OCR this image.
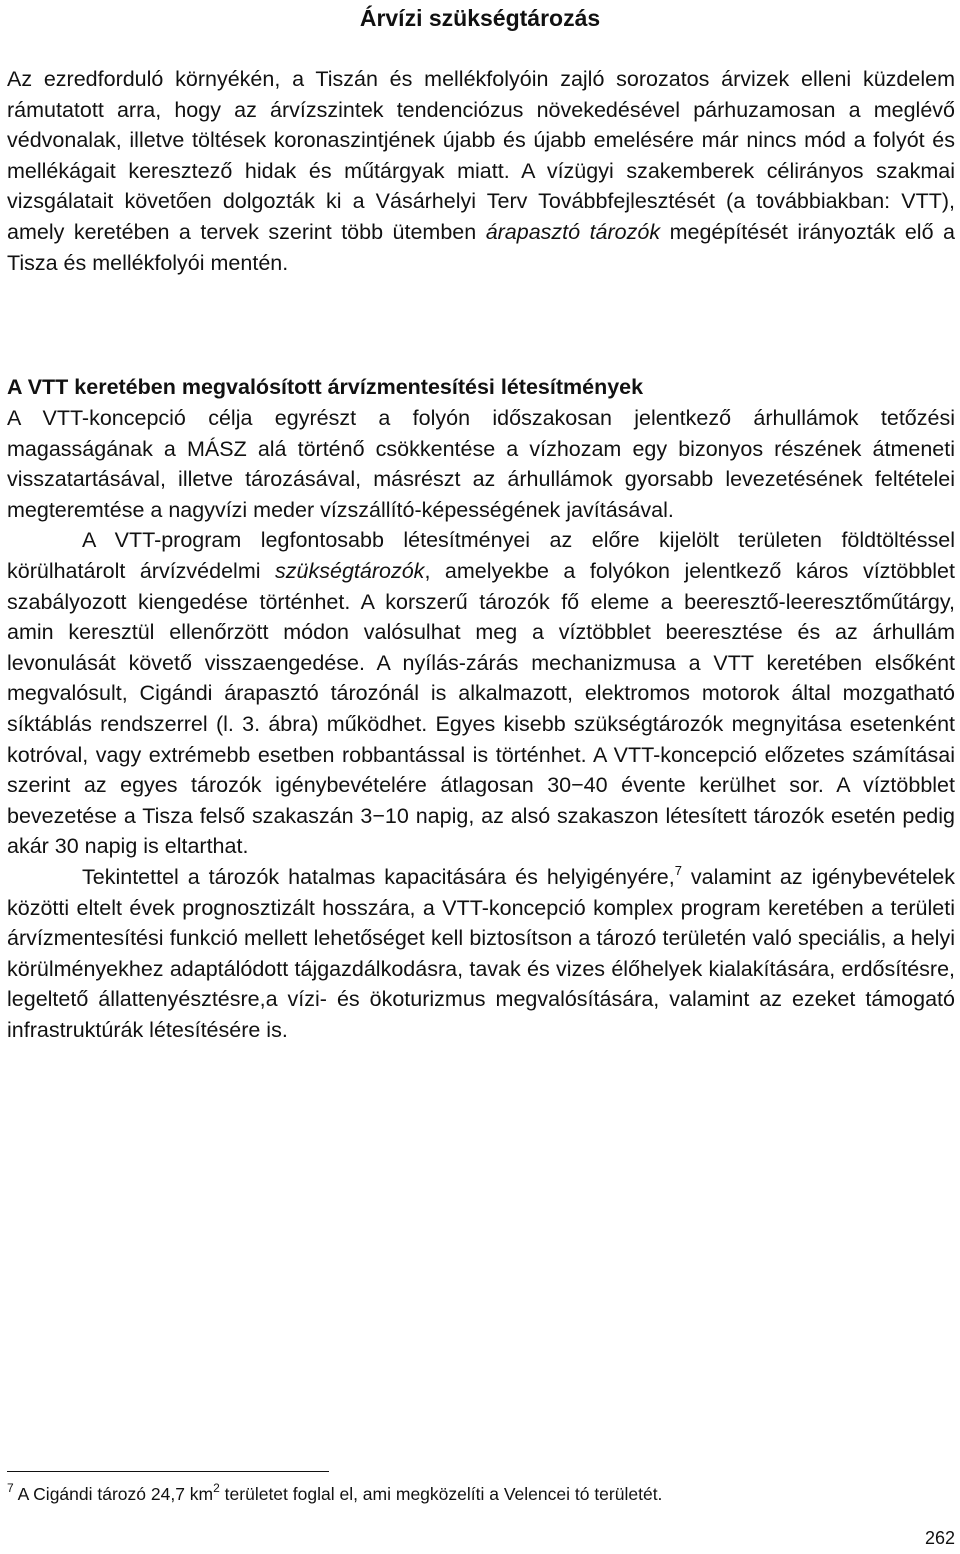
Árvízi szükségtározás

Az ezredforduló környékén, a Tiszán és mellékfolyóin zajló sorozatos árvizek elleni küzdelem rámutatott arra, hogy az árvízszintek tendenciózus növekedésével párhuzamosan a meglévő védvonalak, illetve töltések koronaszintjének újabb és újabb emelésére már nincs mód a folyót és mellékágait keresztező hidak és műtárgyak miatt. A vízügyi szakemberek célirányos szakmai vizsgálatait követően dolgozták ki a Vásárhelyi Terv Továbbfejlesztését (a továbbiakban: VTT), amely keretében a tervek szerint több ütemben árapasztó tározók megépítését irányozták elő a Tisza és mellékfolyói mentén.

A VTT keretében megvalósított árvízmentesítési létesítmények

A VTT-koncepció célja egyrészt a folyón időszakosan jelentkező árhullámok tetőzési magasságának a MÁSZ alá történő csökkentése a vízhozam egy bizonyos részének átmeneti visszatartásával, illetve tározásával, másrészt az árhullámok gyorsabb levezetésének feltételei megteremtése a nagyvízi meder vízszállító-képességének javításával.

A VTT-program legfontosabb létesítményei az előre kijelölt területen földtöltéssel körülhatárolt árvízvédelmi szükségtározók, amelyekbe a folyókon jelentkező káros víztöbblet szabályozott kiengedése történhet. A korszerű tározók fő eleme a beeresztő-leeresztőműtárgy, amin keresztül ellenőrzött módon valósulhat meg a víztöbblet beeresztése és az árhullám levonulását követő visszaengedése. A nyílás-zárás mechanizmusa a VTT keretében elsőként megvalósult, Cigándi árapasztó tározónál is alkalmazott, elektromos motorok által mozgatható síktáblás rendszerrel (l. 3. ábra) működhet. Egyes kisebb szükségtározók megnyitása esetenként kotróval, vagy extrémebb esetben robbantással is történhet. A VTT-koncepció előzetes számításai szerint az egyes tározók igénybevételére átlagosan 30−40 évente kerülhet sor. A víztöbblet bevezetése a Tisza felső szakaszán 3−10 napig, az alsó szakaszon létesített tározók esetén pedig akár 30 napig is eltarthat.

Tekintettel a tározók hatalmas kapacitására és helyigényére,$^7$ valamint az igénybevételek közötti eltelt évek prognosztizált hosszára, a VTT-koncepció komplex program keretében a területi árvízmentesítési funkció mellett lehetőséget kell biztosítson a tározó területén való speciális, a helyi körülményekhez adaptálódott tájgazdálkodásra, tavak és vizes élőhelyek kialakítására, erdősítésre, legeltető állattenyésztésre,a vízi- és ökoturizmus megvalósítására, valamint az ezeket támogató infrastruktúrák létesítésére is.

$^7$ A Cigándi tározó 24,7 $km^2$ területet foglal el, ami megközelíti a Velencei tó területét.
262
